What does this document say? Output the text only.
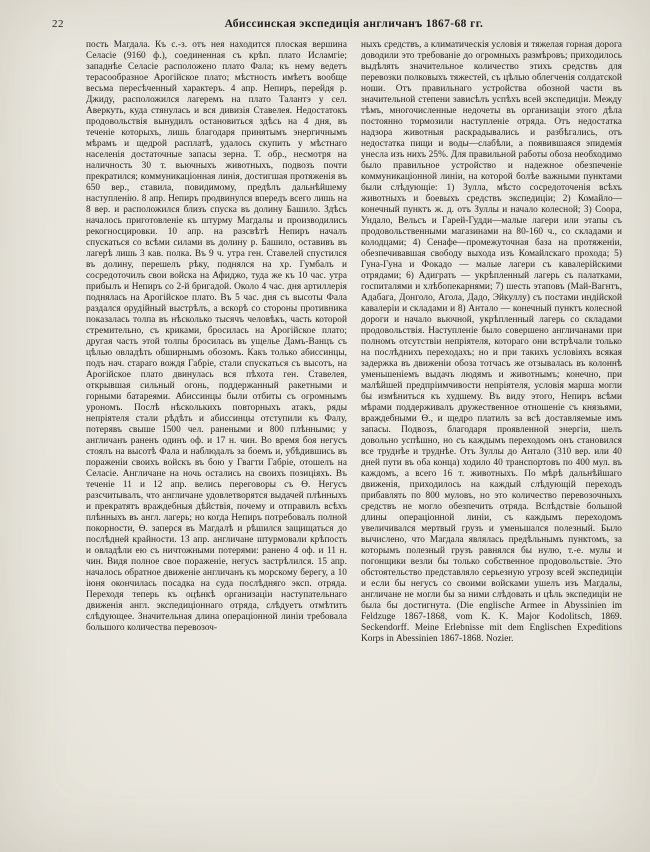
22	Абиссинская экспедиція англичанъ 1867-68 гг.
пость Магдала. Къ с.-з. отъ нея находится плоская вершина Селасіе (9160 ф.), соединенная съ крѣп. плато Исламгіе; западнѣе Селасіе расположено плато Фала; къ нему ведетъ терасообразное Арогійское плато; мѣстность имѣетъ вообще весьма пересѣченный характеръ. 4 апр. Непиръ, перейдя р. Джиду, расположился лагеремъ на плато Талантэ у сел. Аверкуть, куда стянулась и вся дивизія Ставелея. Недостатокъ продовольствія вынудилъ остановиться здѣсь на 4 дня, въ теченіе которыхъ, лишь благодаря принятымъ энергичнымъ мѣрамъ и щедрой расплатѣ, удалось скупить у мѣстнаго населенія достаточные запасы зерна. Т. обр., несмотря на наличность 30 т. вьючныхъ животныхъ, подвозъ почти прекратился; коммуникаціонная линія, достигшая протяженія въ 650 вер., ставила, повидимому, предѣлъ дальнѣйшему наступленію. 8 апр. Непиръ продвинулся впередъ всего лишь на 8 вер. и расположился близъ спуска въ долину Башило. Здѣсь началось приготовленіе къ штурму Магдалы и производились рекогносцировки. 10 апр. на разсвѣтѣ Непиръ началъ спускаться со всѣми силами въ долину р. Башило, оставивъ въ лагерѣ лишь 3 кав. полка. Въ 9 ч. утра ген. Ставелей спустился въ долину, перешелъ рѣку, поднялся на хр. Гумбалъ и сосредоточилъ свои войска на Афиджо, туда же къ 10 час. утра прибылъ и Непиръ со 2-й бригадой. Около 4 час. дня артиллерія поднялась на Арогійское плато. Въ 5 час. дня съ высоты Фала раздался орудійный выстрѣлъ, а вскорѣ со стороны противника показалась толпа въ нѣсколько тысячъ человѣкъ, часть которой стремительно, съ криками, бросилась на Арогійское плато; другая часть этой толпы бросилась въ ущелье Дамъ-Ванцъ съ цѣлью овладѣть обширнымъ обозомъ. Какъ только абиссинцы, подъ нач. стараго вождя Габріе, стали спускаться съ высотъ, на Арогійское плато двинулась вся пѣхота ген. Ставелея, открывшая сильный огонь, поддержанный ракетными и горными батареями. Абиссинцы были отбиты съ огромнымъ урономъ. Послѣ нѣсколькихъ повторныхъ атакъ, ряды непріятеля стали рѣдѣть и абиссинцы отступили къ Фалу, потерявъ свыше 1500 чел. ранеными и 800 плѣнными; у англичанъ раненъ одинъ оф. и 17 н. чин. Во время боя негусъ стоялъ на высотѣ Фала и наблюдалъ за боемъ и, убѣдившись въ пораженіи своихъ войскъ въ бою у Гвагти Габріе, отошелъ на Селасіе. Англичане на ночь остались на своихъ позиціяхъ. Въ теченіе 11 и 12 апр. велись переговоры съ Ѳ. Негусъ разсчитывалъ, что англичане удовлетворятся выдачей плѣнныхъ и прекратятъ враждебныя дѣйствія, почему и отправилъ всѣхъ плѣнныхъ въ англ. лагерь; но когда Непиръ потребовалъ полной покорности, Ѳ. заперся въ Магдалѣ и рѣшился защищаться до послѣдней крайности. 13 апр. англичане штурмовали крѣпость и овладѣли ею съ ничтожными потерями: ранено 4 оф. и 11 н. чин. Видя полное свое пораженіе, негусъ застрѣлился. 15 апр. началось обратное движеніе англичанъ къ морскому берегу, а 10 іюня окончилась посадка на суда послѣдняго эксп. отряда. Переходя теперь къ оцѣнкѣ организаціи наступательнаго движенія англ. экспедиціоннаго отряда, слѣдуетъ отмѣтить слѣдующее. Значительная длина операціонной линіи требовала большого количества перевозоч-
ныхъ средствъ, а климатическія условія и тяжелая горная дорога доводили это требованіе до огромныхъ размѣровъ; приходилось выдѣлять значительное количество этихъ средствъ для перевозки полковыхъ тяжестей, съ цѣлью облегченія солдатской ноши. Отъ правильнаго устройства обозной части въ значительной степени зависѣлъ успѣхъ всей экспедиціи. Между тѣмъ, многочисленные недочеты въ организаціи этого дѣла постоянно тормозили наступленіе отряда. Отъ недостатка надзора животныя раскрадывались и разбѣгались, отъ недостатка пищи и воды—слабѣли, а появившаяся эпидемія унесла изъ нихъ 25%. Для правильной работы обоза необходимо было правильное устройство и надежное обезпеченіе коммуникаціонной линіи, на которой болѣе важными пунктами были слѣдующіе: 1) Зулла, мѣсто сосредоточенія всѣхъ животныхъ и боевыхъ средствъ экспедиціи; 2) Комайло—конечный пунктъ ж. д. отъ Зуллы и начало колесной; 3) Соора, Ундало, Вельсъ и Гарей-Гудди—малые лагери или этапы съ продовольственными магазинами на 80-160 ч., со складами и колодцами; 4) Сенафе—промежуточная база на протяженіи, обезпечивавшая свободу выхода изъ Комайлскаго прохода; 5) Гуна-Гуна и Фокадо — малые лагери съ кавалерійскими отрядами; 6) Адиграть — укрѣпленный лагерь съ палатками, госпиталями и хлѣбопекарнями; 7) шесть этаповъ (Май-Вагнтъ, Адабага, Донголо, Агола, Дадо, Эйкуллу) съ постами индійской кавалеріи и складами и 8) Антало — конечный пунктъ колесной дороги и начало вьючной, укрѣпленный лагерь со складами продовольствія. Наступленіе было совершено англичанами при полномъ отсутствіи непріятеля, котораго они встрѣчали только на послѣднихъ переходахъ; но и при такихъ условіяхъ всякая задержка въ движеніи обоза тотчасъ же отзывалась въ колоннѣ уменьшеніемъ выдачъ людямъ и животнымъ; конечно, при малѣйшей предпріимчивости непріятеля, условія марша могли бы измѣниться къ худшему. Въ виду этого, Непиръ всѣми мѣрами поддерживалъ дружественное отношеніе съ князьями, враждебными Ѳ., и щедро платилъ за всѣ доставляемые имъ запасы. Подвозъ, благодаря проявленной энергіи, шелъ довольно успѣшно, но съ каждымъ переходомъ онъ становился все труднѣе и труднѣе. Отъ Зуллы до Антало (310 вер. или 40 дней пути въ оба конца) ходило 40 транспортовъ по 400 мул. въ каждомъ, а всего 16 т. животныхъ. По мѣрѣ дальнѣйшаго движенія, приходилось на каждый слѣдующій переходъ прибавлять по 800 муловъ, но это количество перевозочныхъ средствъ не могло обезпечить отряда. Вслѣдствіе большой длины операціонной линіи, съ каждымъ переходомъ увеличивался мертвый грузъ и уменьшался полезный. Было вычислено, что Магдала являлась предѣльнымъ пунктомъ, за которымъ полезный грузъ равнялся бы нулю, т.-е. мулы и погонщики везли бы только собственное продовольствіе. Это обстоятельство представляло серьезную угрозу всей экспедиціи и если бы негусъ со своими войсками ушелъ изъ Магдалы, англичане не могли бы за ними слѣдовать и цѣль экспедиціи не была бы достигнута. (Die englische Armee in Abyssinien im Feldzuge 1867-1868, vom K. K. Major Kodolitsch, 1869. Seckendorff. Meine Erlebnisse mit dem Englischen Expeditions Korps in Abessinien 1867-1868. Nozier.
